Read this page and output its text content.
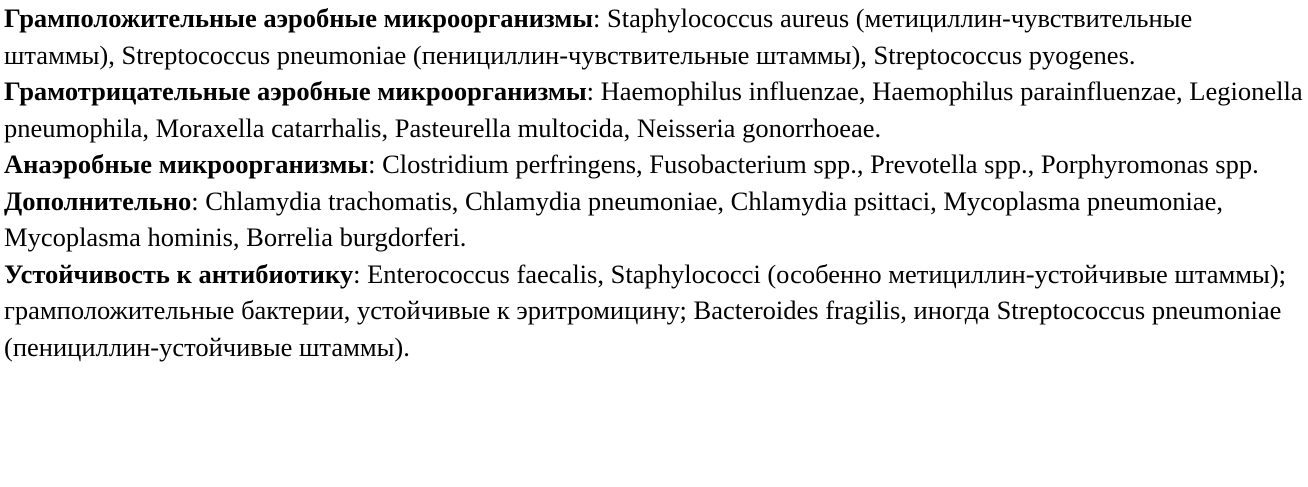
Грамположительные аэробные микроорганизмы: Staphylococcus aureus (метициллин-чувствительные штаммы), Streptococcus pneumoniae (пенициллин-чувствительные штаммы), Streptococcus pyogenes.

Грамотрицательные аэробные микроорганизмы: Haemophilus influenzae, Haemophilus parainfluenzae, Legionella pneumophila, Moraxella catarrhalis, Pasteurella multocida, Neisseria gonorrhoeae.

Анаэробные микроорганизмы: Clostridium perfringens, Fusobacterium spp., Prevotella spp., Porphyromonas spp.

Дополнительно: Chlamydia trachomatis, Chlamydia pneumoniae, Chlamydia psittaci, Mycoplasma pneumoniae, Mycoplasma hominis, Borrelia burgdorferi.

Устойчивость к антибиотику: Enterococcus faecalis, Staphylococci (особенно метициллин-устойчивые штаммы); грамположительные бактерии, устойчивые к эритромицину; Bacteroides fragilis, иногда Streptococcus pneumoniae (пенициллин-устойчивые штаммы).
